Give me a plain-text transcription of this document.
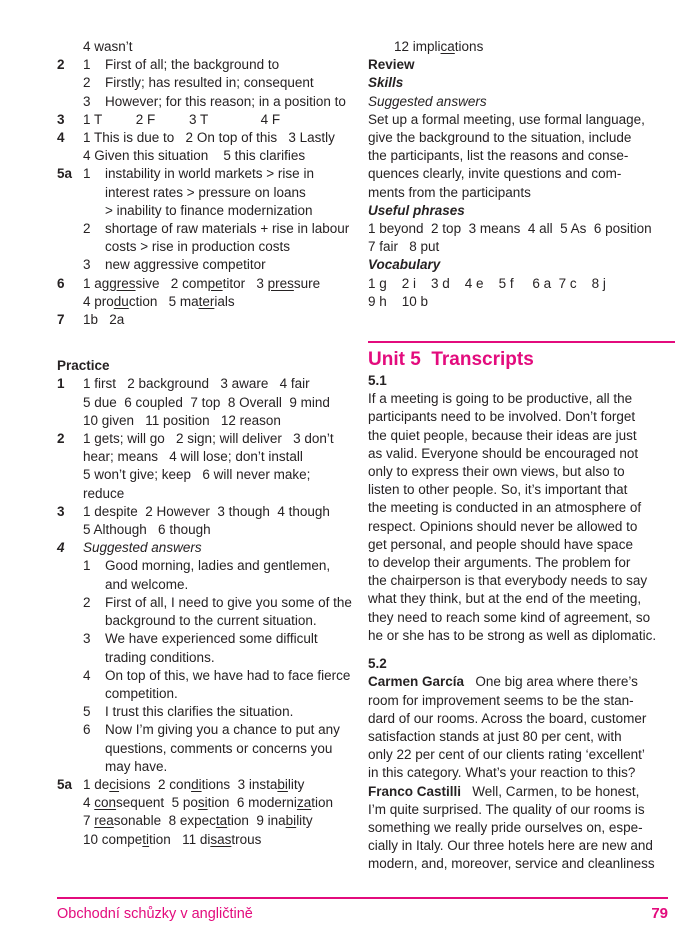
4 wasn’t
2 1 First of all; the background to
2 Firstly; has resulted in; consequent
3 However; for this reason; in a position to
3 1 T         2 F         3 T              4 F
4 1 This is due to   2 On top of this   3 Lastly
4 Given this situation    5 this clarifies
5a 1 instability in world markets > rise in
interest rates > pressure on loans
> inability to finance modernization
2 shortage of raw materials + rise in labour
costs > rise in production costs
3 new aggressive competitor
6 1 aggressive   2 competitor   3 pressure
4 production   5 materials
7 1b   2a
Practice
1 1 first   2 background   3 aware   4 fair
5 due  6 coupled  7 top  8 Overall  9 mind
10 given   11 position   12 reason
2 1 gets; will go   2 sign; will deliver   3 don’t
hear; means   4 will lose; don’t install
5 won’t give; keep   6 will never make;
reduce
3 1 despite  2 However  3 though  4 though
5 Although   6 though
4 Suggested answers
1 Good morning, ladies and gentlemen,
and welcome.
2 First of all, I need to give you some of the
background to the current situation.
3 We have experienced some difficult
trading conditions.
4 On top of this, we have had to face fierce
competition.
5 I trust this clarifies the situation.
6 Now I’m giving you a chance to put any
questions, comments or concerns you
may have.
5a 1 decisions  2 conditions  3 instability
4 consequent  5 position  6 modernization
7 reasonable  8 expectation  9 inability
10 competition   11 disastrous
12 implications
Review
Skills
Suggested answers
Set up a formal meeting, use formal language,
give the background to the situation, include
the participants, list the reasons and conse-
quences clearly, invite questions and com-
ments from the participants
Useful phrases
1 beyond  2 top  3 means  4 all  5 As  6 position
7 fair   8 put
Vocabulary
1 g    2 i    3 d    4 e    5 f     6 a  7 c    8 j
9 h    10 b
Unit 5  Transcripts
5.1
If a meeting is going to be productive, all the
participants need to be involved. Don’t forget
the quiet people, because their ideas are just
as valid. Everyone should be encouraged not
only to express their own views, but also to
listen to other people. So, it’s important that
the meeting is conducted in an atmosphere of
respect. Opinions should never be allowed to
get personal, and people should have space
to develop their arguments. The problem for
the chairperson is that everybody needs to say
what they think, but at the end of the meeting,
they need to reach some kind of agreement, so
he or she has to be strong as well as diplomatic.
5.2
Carmen García   One big area where there’s
room for improvement seems to be the stan-
dard of our rooms. Across the board, customer
satisfaction stands at just 80 per cent, with
only 22 per cent of our clients rating ‘excellent’
in this category. What’s your reaction to this?
Franco Castilli   Well, Carmen, to be honest,
I’m quite surprised. The quality of our rooms is
something we really pride ourselves on, espe-
cially in Italy. Our three hotels here are new and
modern, and, moreover, service and cleanliness
Obchodní schůzky v angličtině	79
